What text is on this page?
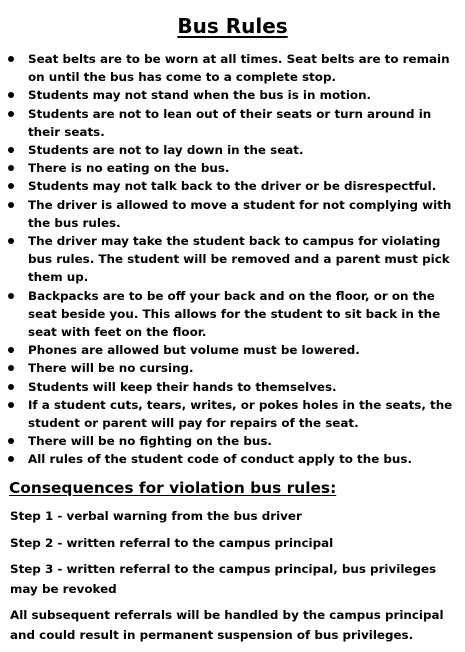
Bus Rules
Seat belts are to be worn at all times. Seat belts are to remain on until the bus has come to a complete stop.
Students may not stand when the bus is in motion.
Students are not to lean out of their seats or turn around in their seats.
Students are not to lay down in the seat.
There is no eating on the bus.
Students may not talk back to the driver or be disrespectful.
The driver is allowed to move a student for not complying with the bus rules.
The driver may take the student back to campus for violating bus rules. The student will be removed and a parent must pick them up.
Backpacks are to be off your back and on the floor, or on the seat beside you. This allows for the student to sit back in the seat with feet on the floor.
Phones are allowed but volume must be lowered.
There will be no cursing.
Students will keep their hands to themselves.
If a student cuts, tears, writes, or pokes holes in the seats, the student or parent will pay for repairs of the seat.
There will be no fighting on the bus.
All rules of the student code of conduct apply to the bus.
Consequences for violation bus rules:
Step 1 - verbal warning from the bus driver
Step 2 - written referral to the campus principal
Step 3 - written referral to the campus principal, bus privileges may be revoked
All subsequent referrals will be handled by the campus principal and could result in permanent suspension of bus privileges.
